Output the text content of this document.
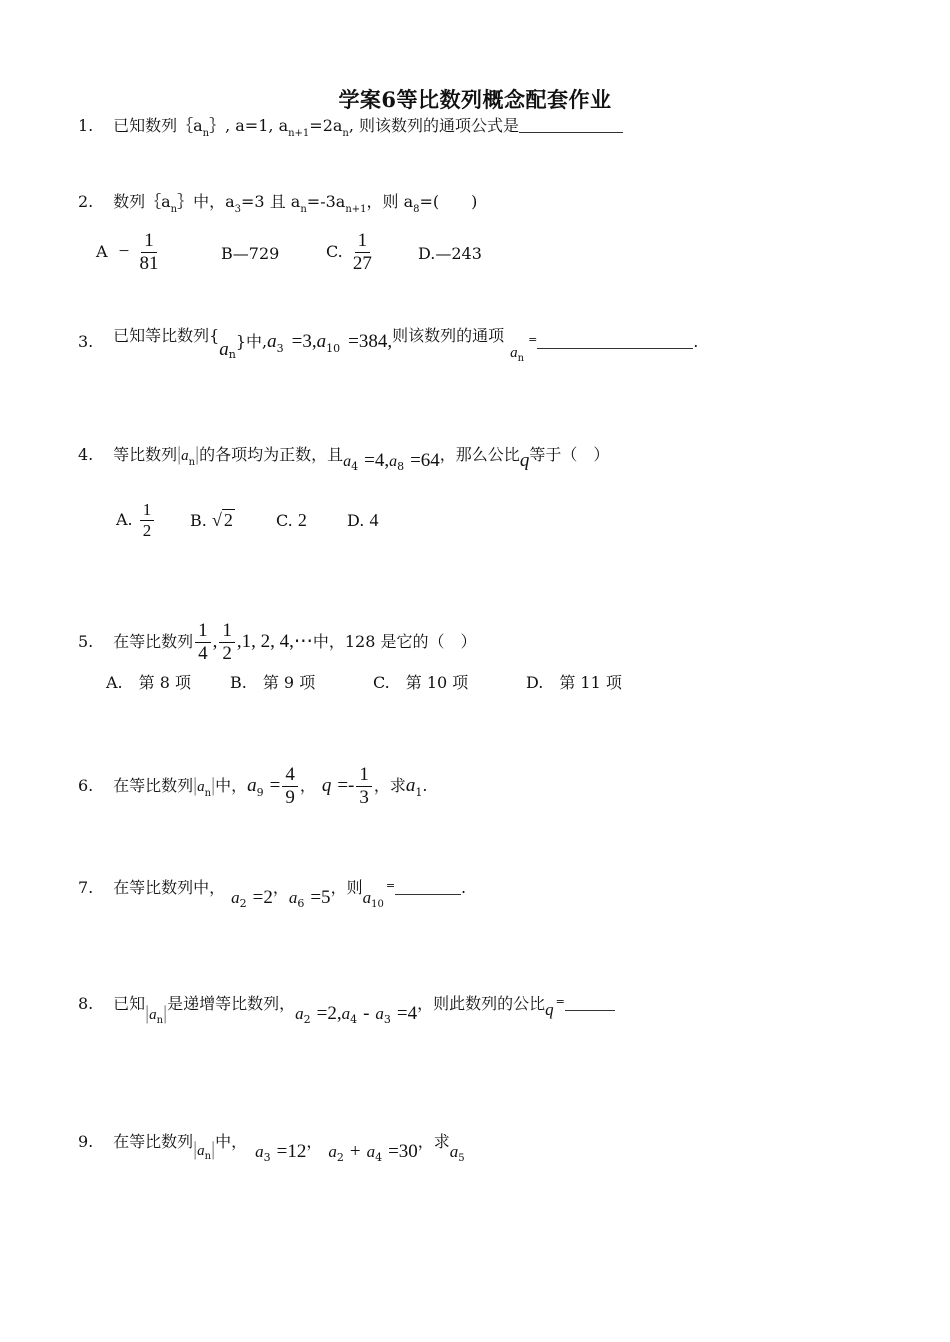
学案6等比数列概念配套作业
1. 已知数列$\{a_n\}$, a=1, $a_{n+1}=2a_n$, 则该数列的通项公式是
2. 数列$\{a_n\}$中，$a_3=3$ 且 $a_n=-3a_{n+1}$，则 $a_8=$(　　)
$A - \frac{1}{81}$	B—729	C. $\frac{1}{27}$	D.—243
3. 已知等比数列$\{a_n\}$中$,a_3 =3,a_{10} =384$,则该数列的通项$a_n^=$	.
4. 等比数列$|a_n|$的各项均为正数，且$a_4 =4,a_8 =64$，那么公比q等于（　）
A. $\frac{1}{2} B$. √ 2	C. 2	D. 4
5. 在等比数列 $\frac{1}{4}$ , $\frac{1}{2} ,1$, 2, 4,⋯中，128 是它的（　）
A.　第 8 项 B.　第 9 项	C.　第 10 项	D.　第 11 项
6. 在等比数列$|a_n|$中，$a_9 = \frac{4}{9}$ ， $q =- \frac{1}{3}$ ，求$a_1$.
7. 在等比数列中，$a_2 =2$，$a_6 =5$，则$a_{10}^=$	.
8. 已知$|a_n|$是递增等比数列，$a_2 =2,a_4 - a_3 =4$，则此数列的公比q =
9. 在等比数列$|a_n|$中，$a_3 =12$，$a_2 + a_4 =30$，求$a_5$
